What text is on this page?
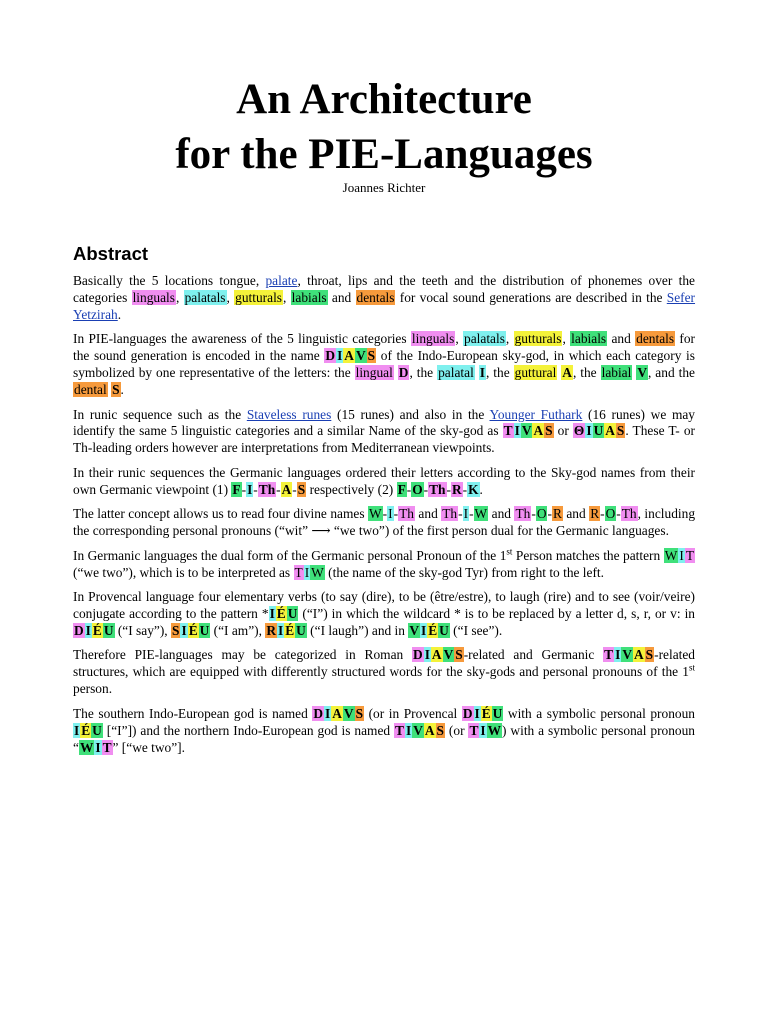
An Architecture
for the PIE-Languages
Joannes Richter
Abstract

Basically the 5 locations tongue, palate, throat, lips and the teeth and the distribution of phonemes over the categories linguals, palatals, gutturals, labials and dentals for vocal sound generations are described in the Sefer Yetzirah.

In PIE-languages the awareness of the 5 linguistic categories linguals, palatals, gutturals, labials and dentals for the sound generation is encoded in the name D I A V S of the Indo-European sky-god, in which each category is symbolized by one representative of the letters: the lingual D, the palatal I, the guttural A, the labial V, and the dental S.

In runic sequence such as the Staveless runes (15 runes) and also in the Younger Futhark (16 runes) we may identify the same 5 linguistic categories and a similar Name of the sky-god as T I V A S or Θ I U A S. These T- or Th-leading orders however are interpretations from Mediterranean viewpoints.

In their runic sequences the Germanic languages ordered their letters according to the Sky-god names from their own Germanic viewpoint (1) F-I-Th-A-S respectively (2) F-O-Th-R-K.

The latter concept allows us to read four divine names W-I-Th and Th-I-W and Th-O-R and R-O-Th, including the corresponding personal pronouns (“wit” ⟶ “we two”) of the first person dual for the Germanic languages.

In Germanic languages the dual form of the Germanic personal Pronoun of the 1st Person matches the pattern W I T (“we two”), which is to be interpreted as T I W (the name of the sky-god Tyr) from right to the left.

In Provencal language four elementary verbs (to say (dire), to be (être/estre), to laugh (rire) and to see (voir/veire) conjugate according to the pattern *I É U (“I”) in which the wildcard * is to be replaced by a letter d, s, r, or v: in D I É U (“I say”), S I É U (“I am”), R I É U (“I laugh”) and in V I É U (“I see”).

Therefore PIE-languages may be categorized in Roman D I A V S-related and Germanic T I V A S-related structures, which are equipped with differently structured words for the sky-gods and personal pronouns of the 1st person.

The southern Indo-European god is named D I A V S (or in Provencal D I É U with a symbolic personal pronoun I É U [“I”]) and the northern Indo-European god is named T I V A S (or T I W) with a symbolic personal pronoun “W I T” [“we two”].
